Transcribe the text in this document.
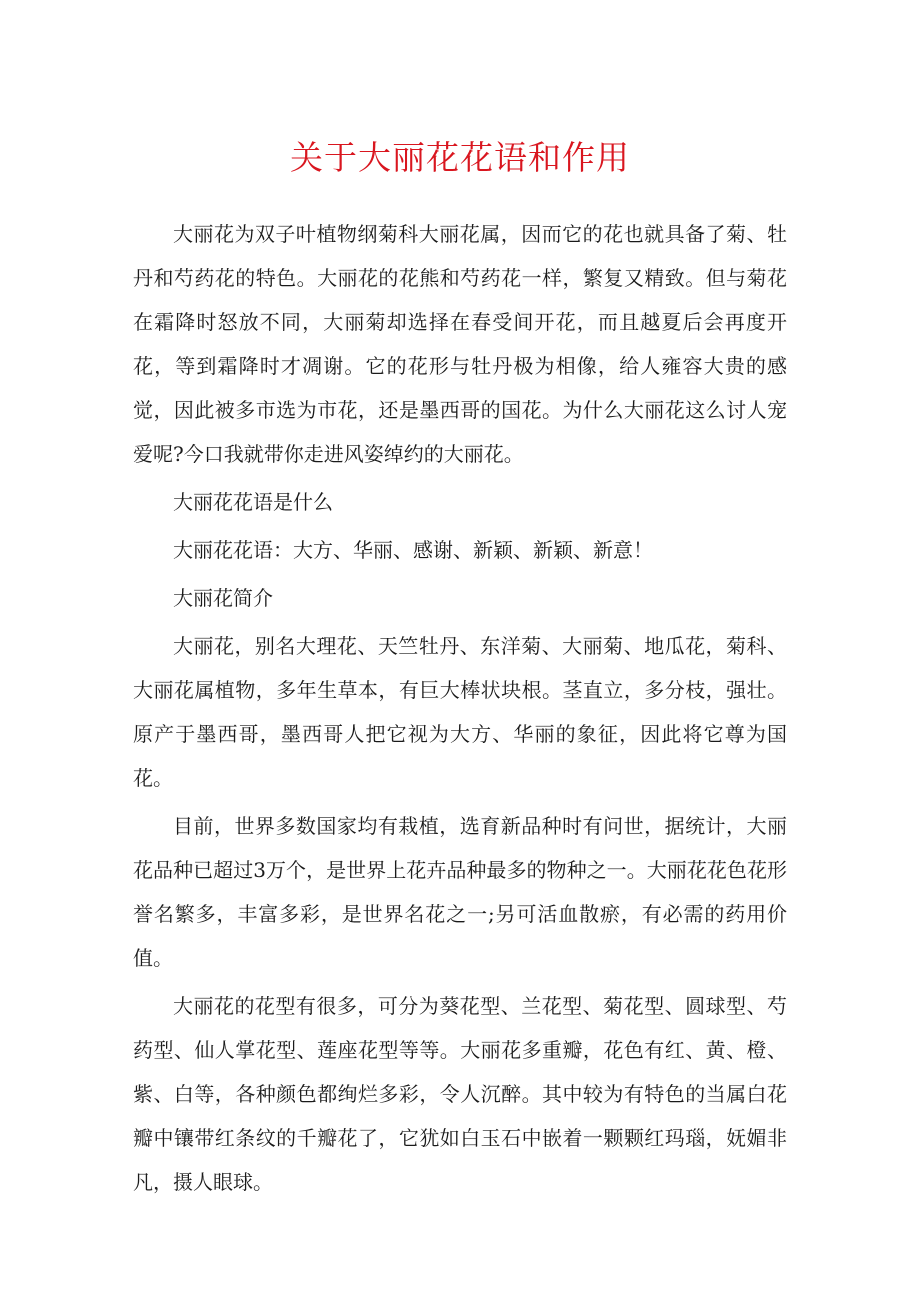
关于大丽花花语和作用

大丽花为双子叶植物纲菊科大丽花属，因而它的花也就具备了菊、牡丹和芍药花的特色。大丽花的花熊和芍药花一样，繁复又精致。但与菊花在霜降时怒放不同，大丽菊却选择在春受间开花，而且越夏后会再度开花，等到霜降时才凋谢。它的花形与牡丹极为相像，给人雍容大贵的感觉，因此被多市选为市花，还是墨西哥的国花。为什么大丽花这么讨人宠爱呢?今口我就带你走进风姿绰约的大丽花。

大丽花花语是什么

大丽花花语：大方、华丽、感谢、新颖、新颖、新意！

大丽花简介

大丽花，别名大理花、天竺牡丹、东洋菊、大丽菊、地瓜花，菊科、大丽花属植物，多年生草本，有巨大棒状块根。茎直立，多分枝，强壮。原产于墨西哥，墨西哥人把它视为大方、华丽的象征，因此将它尊为国花。

目前，世界多数国家均有栽植，选育新品种时有问世，据统计，大丽花品种已超过3万个，是世界上花卉品种最多的物种之一。大丽花花色花形誉名繁多，丰富多彩，是世界名花之一;另可活血散瘀，有必需的药用价值。

大丽花的花型有很多，可分为葵花型、兰花型、菊花型、圆球型、芍药型、仙人掌花型、莲座花型等等。大丽花多重瓣，花色有红、黄、橙、紫、白等，各种颜色都绚烂多彩，令人沉醉。其中较为有特色的当属白花瓣中镶带红条纹的千瓣花了，它犹如白玉石中嵌着一颗颗红玛瑙，妩媚非凡，摄人眼球。
